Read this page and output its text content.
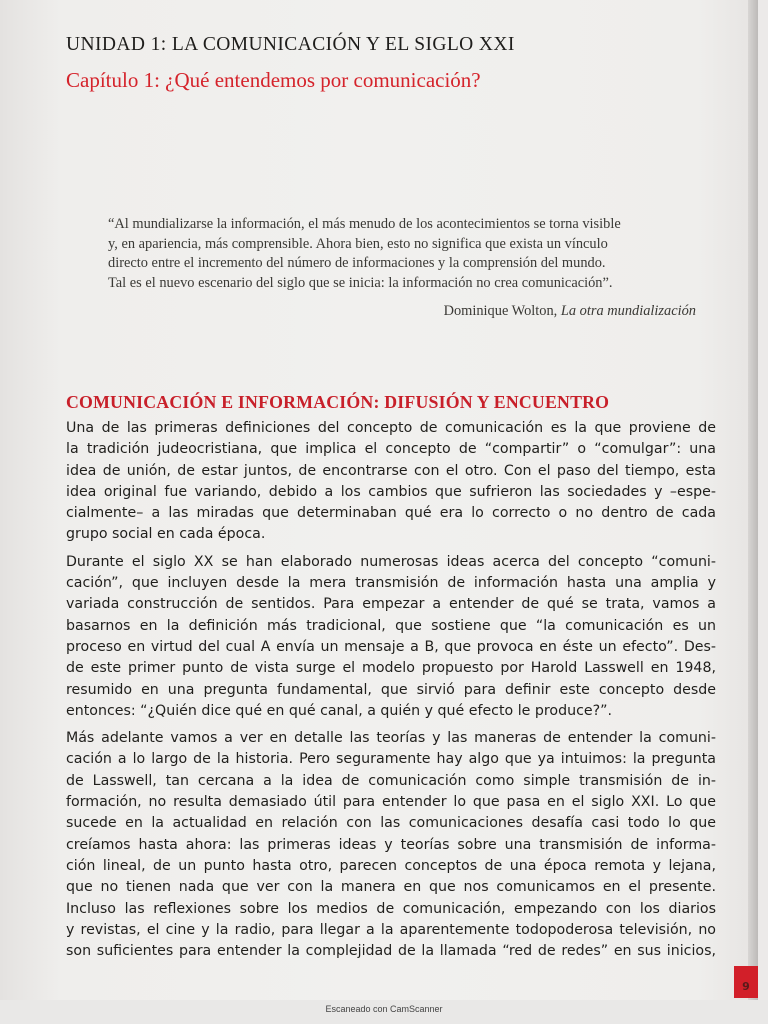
UNIDAD 1: LA COMUNICACIÓN Y EL SIGLO XXI
Capítulo 1: ¿Qué entendemos por comunicación?
“Al mundializarse la información, el más menudo de los acontecimientos se torna visible
y, en apariencia, más comprensible. Ahora bien, esto no significa que exista un vínculo
directo entre el incremento del número de informaciones y la comprensión del mundo.
Tal es el nuevo escenario del siglo que se inicia: la información no crea comunicación”.
Dominique Wolton, La otra mundialización
COMUNICACIÓN E INFORMACIÓN: DIFUSIÓN Y ENCUENTRO

Una de las primeras definiciones del concepto de comunicación es la que proviene de
la tradición judeocristiana, que implica el concepto de “compartir” o “comulgar”: una
idea de unión, de estar juntos, de encontrarse con el otro. Con el paso del tiempo, esta
idea original fue variando, debido a los cambios que sufrieron las sociedades y –espe-
cialmente– a las miradas que determinaban qué era lo correcto o no dentro de cada
grupo social en cada época.

Durante el siglo XX se han elaborado numerosas ideas acerca del concepto “comuni-
cación”, que incluyen desde la mera transmisión de información hasta una amplia y
variada construcción de sentidos. Para empezar a entender de qué se trata, vamos a
basarnos en la definición más tradicional, que sostiene que “la comunicación es un
proceso en virtud del cual A envía un mensaje a B, que provoca en éste un efecto”. Des-
de este primer punto de vista surge el modelo propuesto por Harold Lasswell en 1948,
resumido en una pregunta fundamental, que sirvió para definir este concepto desde
entonces: “¿Quién dice qué en qué canal, a quién y qué efecto le produce?”.

Más adelante vamos a ver en detalle las teorías y las maneras de entender la comuni-
cación a lo largo de la historia. Pero seguramente hay algo que ya intuimos: la pregunta
de Lasswell, tan cercana a la idea de comunicación como simple transmisión de in-
formación, no resulta demasiado útil para entender lo que pasa en el siglo XXI. Lo que
sucede en la actualidad en relación con las comunicaciones desafía casi todo lo que
creíamos hasta ahora: las primeras ideas y teorías sobre una transmisión de informa-
ción lineal, de un punto hasta otro, parecen conceptos de una época remota y lejana,
que no tienen nada que ver con la manera en que nos comunicamos en el presente.
Incluso las reflexiones sobre los medios de comunicación, empezando con los diarios
y revistas, el cine y la radio, para llegar a la aparentemente todopoderosa televisión, no
son suficientes para entender la complejidad de la llamada “red de redes” en sus inicios,

9
Escaneado con CamScanner
